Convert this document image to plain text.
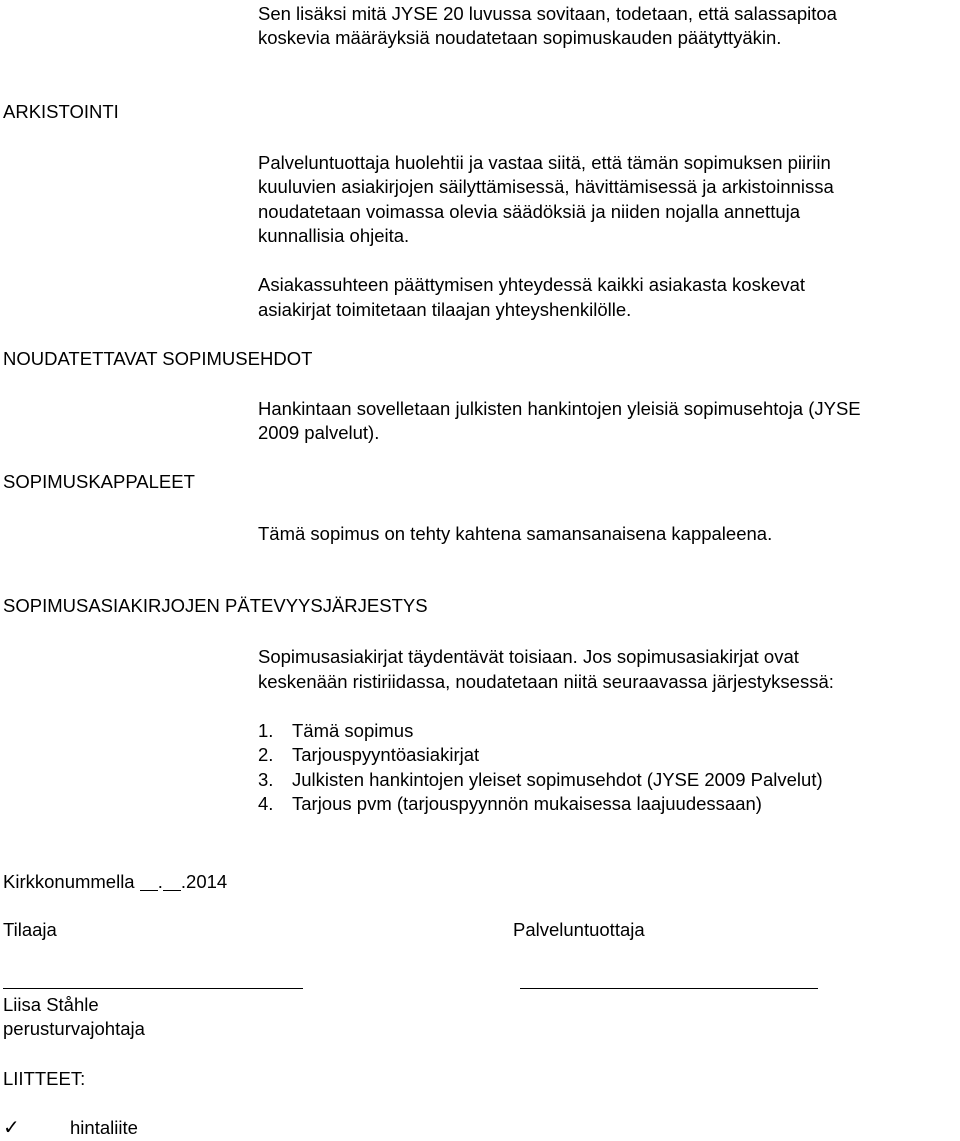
Sen lisäksi mitä JYSE 20 luvussa sovitaan, todetaan, että salassapitoa
koskevia määräyksiä noudatetaan sopimuskauden päätyttyäkin.
ARKISTOINTI
Palveluntuottaja huolehtii ja vastaa siitä, että tämän sopimuksen piiriin
kuuluvien asiakirjojen säilyttämisessä, hävittämisessä ja arkistoinnissa
noudatetaan voimassa olevia säädöksiä ja niiden nojalla annettuja
kunnallisia ohjeita.
Asiakassuhteen päättymisen yhteydessä kaikki asiakasta koskevat
asiakirjat toimitetaan tilaajan yhteyshenkilölle.
NOUDATETTAVAT SOPIMUSEHDOT
Hankintaan sovelletaan julkisten hankintojen yleisiä sopimusehtoja (JYSE
2009 palvelut).
SOPIMUSKAPPALEET
Tämä sopimus on tehty kahtena samansanaisena kappaleena.
SOPIMUSASIAKIRJOJEN PÄTEVYYSJÄRJESTYS
Sopimusasiakirjat täydentävät toisiaan. Jos sopimusasiakirjat ovat
keskenään ristiriidassa, noudatetaan niitä seuraavassa järjestyksessä:
1. Tämä sopimus
2. Tarjouspyyntöasiakirjat
3. Julkisten hankintojen yleiset sopimusehdot (JYSE 2009 Palvelut)
4. Tarjous pvm (tarjouspyynnön mukaisessa laajuudessaan)
Kirkkonummella . .2014
Tilaaja	Palveluntuottaja
Liisa Ståhle
perusturvajohtaja
LIITTEET:
✓	hintaliite
